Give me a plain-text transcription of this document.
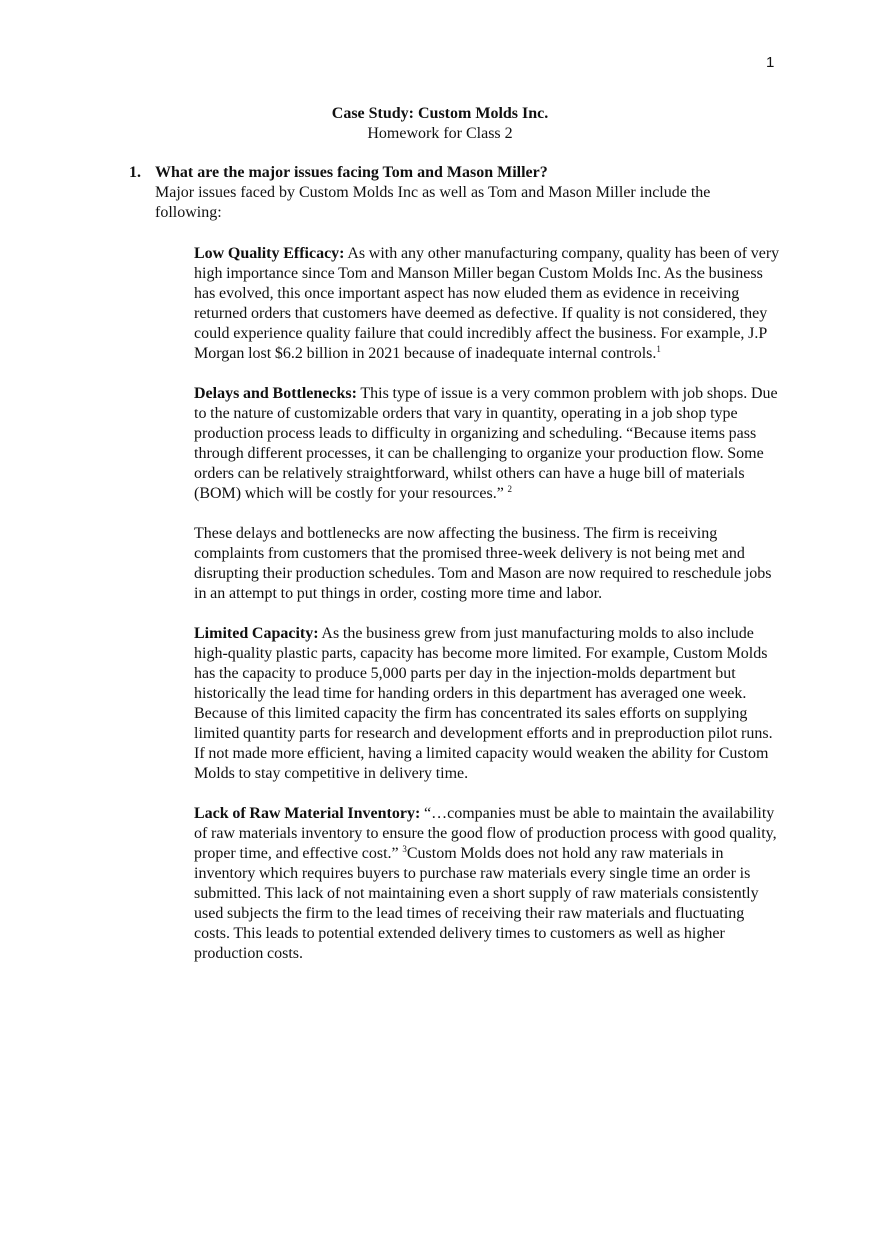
1
Case Study: Custom Molds Inc.
Homework for Class 2
1. What are the major issues facing Tom and Mason Miller?
Major issues faced by Custom Molds Inc as well as Tom and Mason Miller include the following:

Low Quality Efficacy: As with any other manufacturing company, quality has been of very high importance since Tom and Manson Miller began Custom Molds Inc. As the business has evolved, this once important aspect has now eluded them as evidence in receiving returned orders that customers have deemed as defective. If quality is not considered, they could experience quality failure that could incredibly affect the business. For example, J.P Morgan lost $6.2 billion in 2021 because of inadequate internal controls.$^1$

Delays and Bottlenecks: This type of issue is a very common problem with job shops. Due to the nature of customizable orders that vary in quantity, operating in a job shop type production process leads to difficulty in organizing and scheduling. “Because items pass through different processes, it can be challenging to organize your production flow. Some orders can be relatively straightforward, whilst others can have a huge bill of materials (BOM) which will be costly for your resources.” $^2$

These delays and bottlenecks are now affecting the business. The firm is receiving complaints from customers that the promised three-week delivery is not being met and disrupting their production schedules. Tom and Mason are now required to reschedule jobs in an attempt to put things in order, costing more time and labor.

Limited Capacity: As the business grew from just manufacturing molds to also include high-quality plastic parts, capacity has become more limited. For example, Custom Molds has the capacity to produce 5,000 parts per day in the injection-molds department but historically the lead time for handing orders in this department has averaged one week. Because of this limited capacity the firm has concentrated its sales efforts on supplying limited quantity parts for research and development efforts and in preproduction pilot runs. If not made more efficient, having a limited capacity would weaken the ability for Custom Molds to stay competitive in delivery time.

Lack of Raw Material Inventory: “…companies must be able to maintain the availability of raw materials inventory to ensure the good flow of production process with good quality, proper time, and effective cost.” $^3$Custom Molds does not hold any raw materials in inventory which requires buyers to purchase raw materials every single time an order is submitted. This lack of not maintaining even a short supply of raw materials consistently used subjects the firm to the lead times of receiving their raw materials and fluctuating costs. This leads to potential extended delivery times to customers as well as higher production costs.
